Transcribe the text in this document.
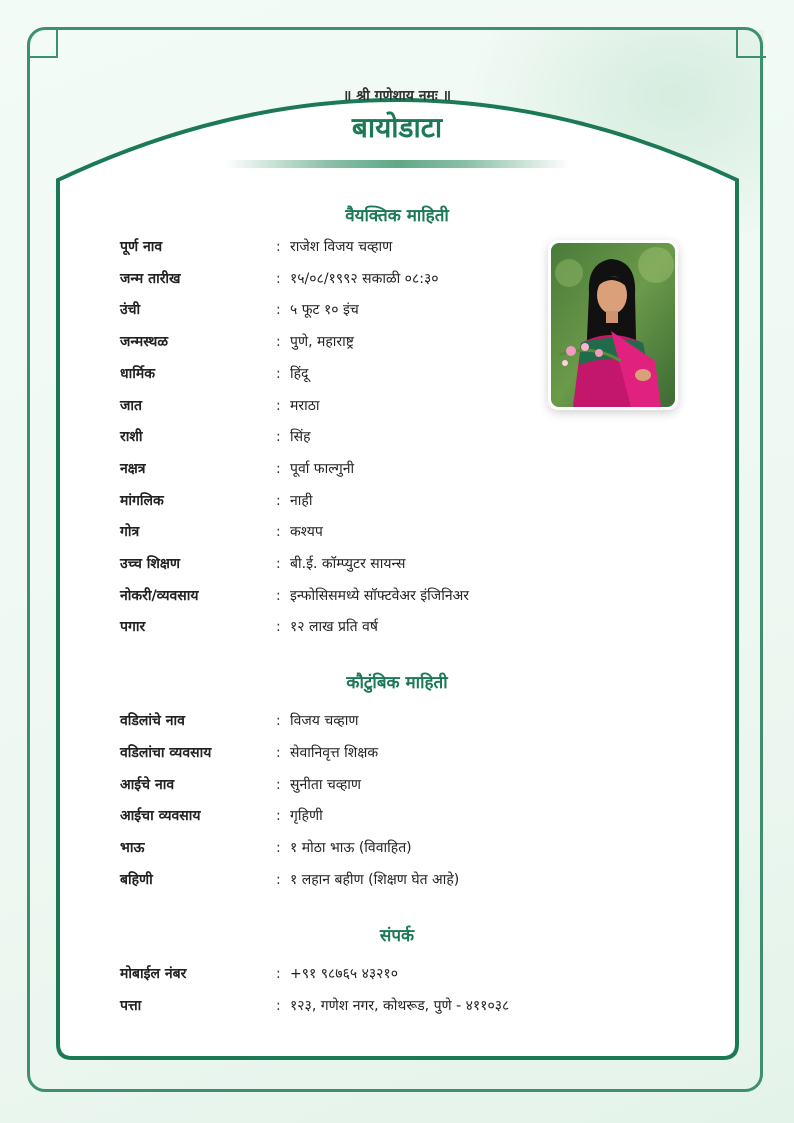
॥ श्री गणेशाय नमः ॥
बायोडाटा
वैयक्तिक माहिती
पूर्ण नाव	: राजेश विजय चव्हाण
जन्म तारीख	: १५/०८/१९९२ सकाळी ०८:३०
उंची	: ५ फूट १० इंच
जन्मस्थळ	: पुणे, महाराष्ट्र
धार्मिक	: हिंदू
जात	: मराठा
राशी	: सिंह
नक्षत्र	: पूर्वा फाल्गुनी
मांगलिक	: नाही
गोत्र	: कश्यप
उच्च शिक्षण	: बी.ई. कॉम्प्युटर सायन्स
नोकरी/व्यवसाय	: इन्फोसिसमध्ये सॉफ्टवेअर इंजिनिअर
पगार	: १२ लाख प्रति वर्ष
कौटुंबिक माहिती
वडिलांचे नाव	: विजय चव्हाण
वडिलांचा व्यवसाय	: सेवानिवृत्त शिक्षक
आईचे नाव	: सुनीता चव्हाण
आईचा व्यवसाय	: गृहिणी
भाऊ	: १ मोठा भाऊ (विवाहित)
बहिणी	: १ लहान बहीण (शिक्षण घेत आहे)
संपर्क
मोबाईल नंबर	: +९१ ९८७६५ ४३२१०
पत्ता	: १२३, गणेश नगर, कोथरूड, पुणे - ४११०३८
